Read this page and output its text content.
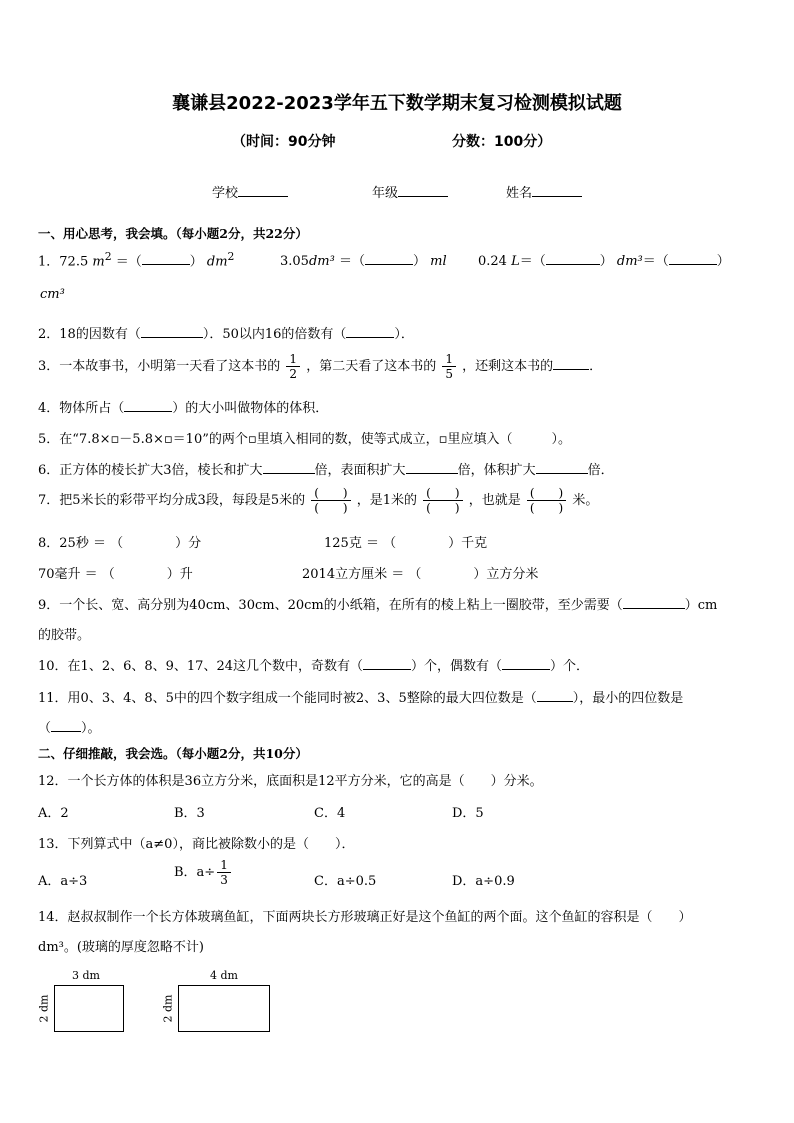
襄谦县2022-2023学年五下数学期末复习检测模拟试题
（时间：90分钟	分数：100分）
学校	年级	姓名
一、用心思考，我会填。（每小题2分，共22分）
1．72.5 $m^2$ ＝（	） $dm^2$	3.05dm³ ＝（	） ml 0.24 L＝（	） dm³＝（	）
cm³
2．18的因数有（	）．50以内16的倍数有（	）．
3．一本故事书，小明第一天看了这本书的 $\frac{1}{2}$ ，第二天看了这本书的 $\frac{1}{5}$ ，还剩这本书的	．
4．物体所占（	）的大小叫做物体的体积．
5．在“7.8×▫－5.8×▫＝10”的两个▫里填入相同的数，使等式成立，▫里应填入（　　　）。
6．正方体的棱长扩大3倍，棱长和扩大	倍，表面积扩大	倍，体积扩大	倍．
7．把5米长的彩带平均分成3段，每段是5米的 $\frac{( )}{( )}$ ，是1米的 $\frac{( )}{( )}$ ，也就是 $\frac{( )}{( )}$ 米。
8．25秒 ＝ （　　　　）分	125克 ＝ （　　　　）千克
70毫升 ＝ （　　　　）升	2014立方厘米 ＝ （　　　　）立方分米
9．一个长、宽、高分别为40cm、30cm、20cm的小纸箱，在所有的棱上粘上一圈胶带，至少需要（	）cm
的胶带。
10．在1、2、6、8、9、17、24这几个数中，奇数有（	）个，偶数有（	）个．
11．用0、3、4、8、5中的四个数字组成一个能同时被2、3、5整除的最大四位数是（	），最小的四位数是
（ ）。
二、仔细推敲，我会选。（每小题2分，共10分）
12．一个长方体的体积是36立方分米，底面积是12平方分米，它的高是（　　）分米。
A．2	B．3	C．4	D．5
13．下列算式中（a≠0），商比被除数小的是（　　）．
A．a÷3
B．$a\div \frac{1}{3}$	C．a÷0.5	D．a÷0.9
14．赵叔叔制作一个长方体玻璃鱼缸，下面两块长方形玻璃正好是这个鱼缸的两个面。这个鱼缸的容积是（　　）
dm³。(玻璃的厚度忽略不计)
3 dm
2 dm
4 dm
2 dm
